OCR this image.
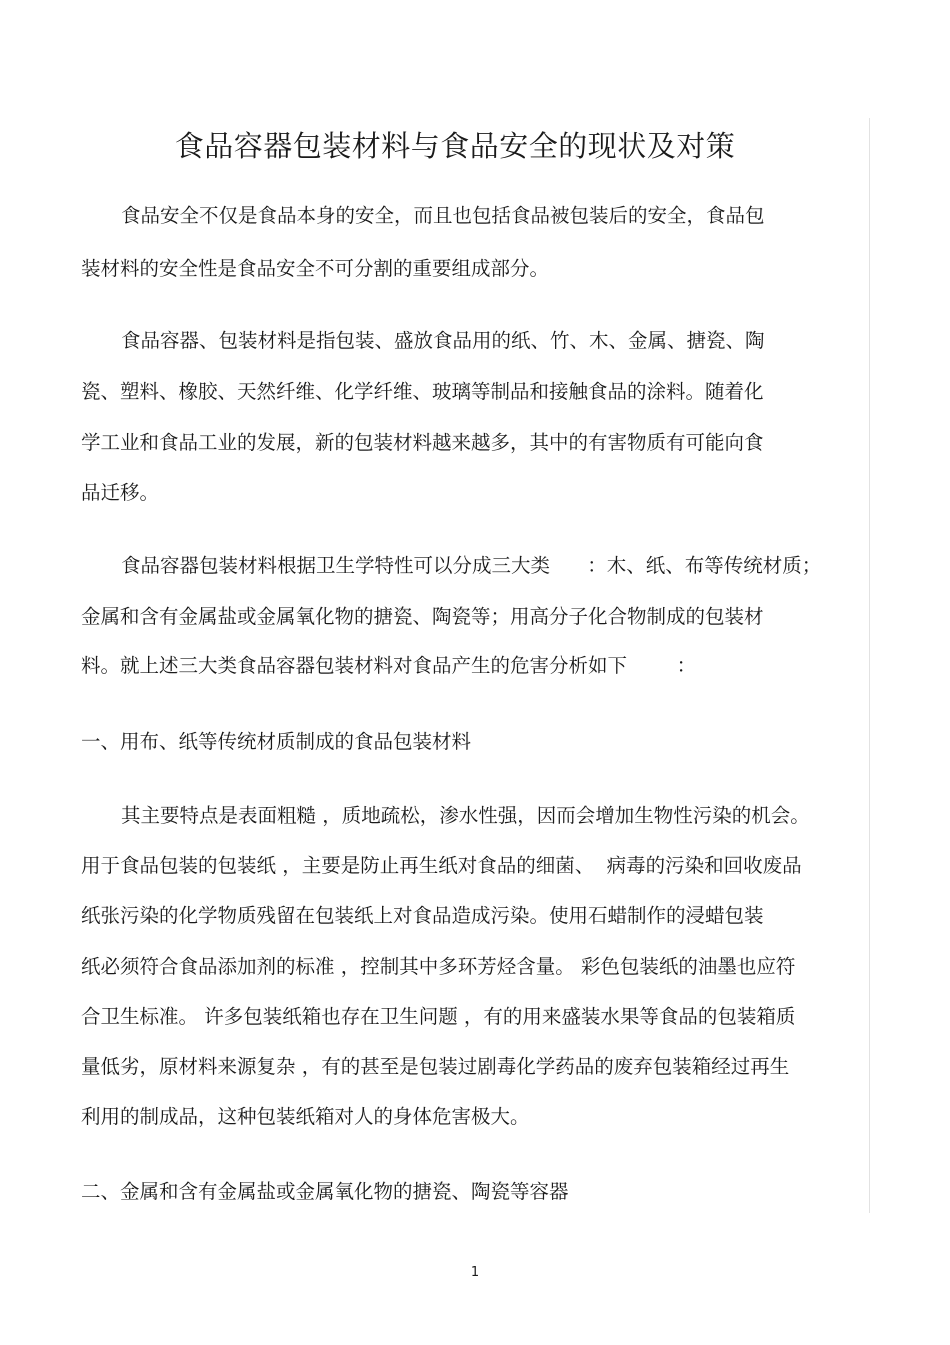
食品容器包装材料与食品安全的现状及对策

食品安全不仅是食品本身的安全，而且也包括食品被包装后的安全，食品包

装材料的安全性是食品安全不可分割的重要组成部分。

食品容器、包装材料是指包装、盛放食品用的纸、竹、木、金属、搪瓷、陶

瓷、塑料、橡胶、天然纤维、化学纤维、玻璃等制品和接触食品的涂料。随着化

学工业和食品工业的发展，新的包装材料越来越多，其中的有害物质有可能向食

品迁移。

食品容器包装材料根据卫生学特性可以分成三大类      ：木、纸、布等传统材质；

金属和含有金属盐或金属氧化物的搪瓷、陶瓷等；用高分子化合物制成的包装材

料。就上述三大类食品容器包装材料对食品产生的危害分析如下        ：

一、用布、纸等传统材质制成的食品包装材料

其主要特点是表面粗糙 ，质地疏松，渗水性强，因而会增加生物性污染的机会。

用于食品包装的包装纸 ，主要是防止再生纸对食品的细菌、  病毒的污染和回收废品

纸张污染的化学物质残留在包装纸上对食品造成污染。使用石蜡制作的浸蜡包装

纸必须符合食品添加剂的标准 ，控制其中多环芳烃含量。 彩色包装纸的油墨也应符

合卫生标准。 许多包装纸箱也存在卫生问题 ，有的用来盛装水果等食品的包装箱质

量低劣，原材料来源复杂 ，有的甚至是包装过剧毒化学药品的废弃包装箱经过再生

利用的制成品，这种包装纸箱对人的身体危害极大。

二、金属和含有金属盐或金属氧化物的搪瓷、陶瓷等容器

1
